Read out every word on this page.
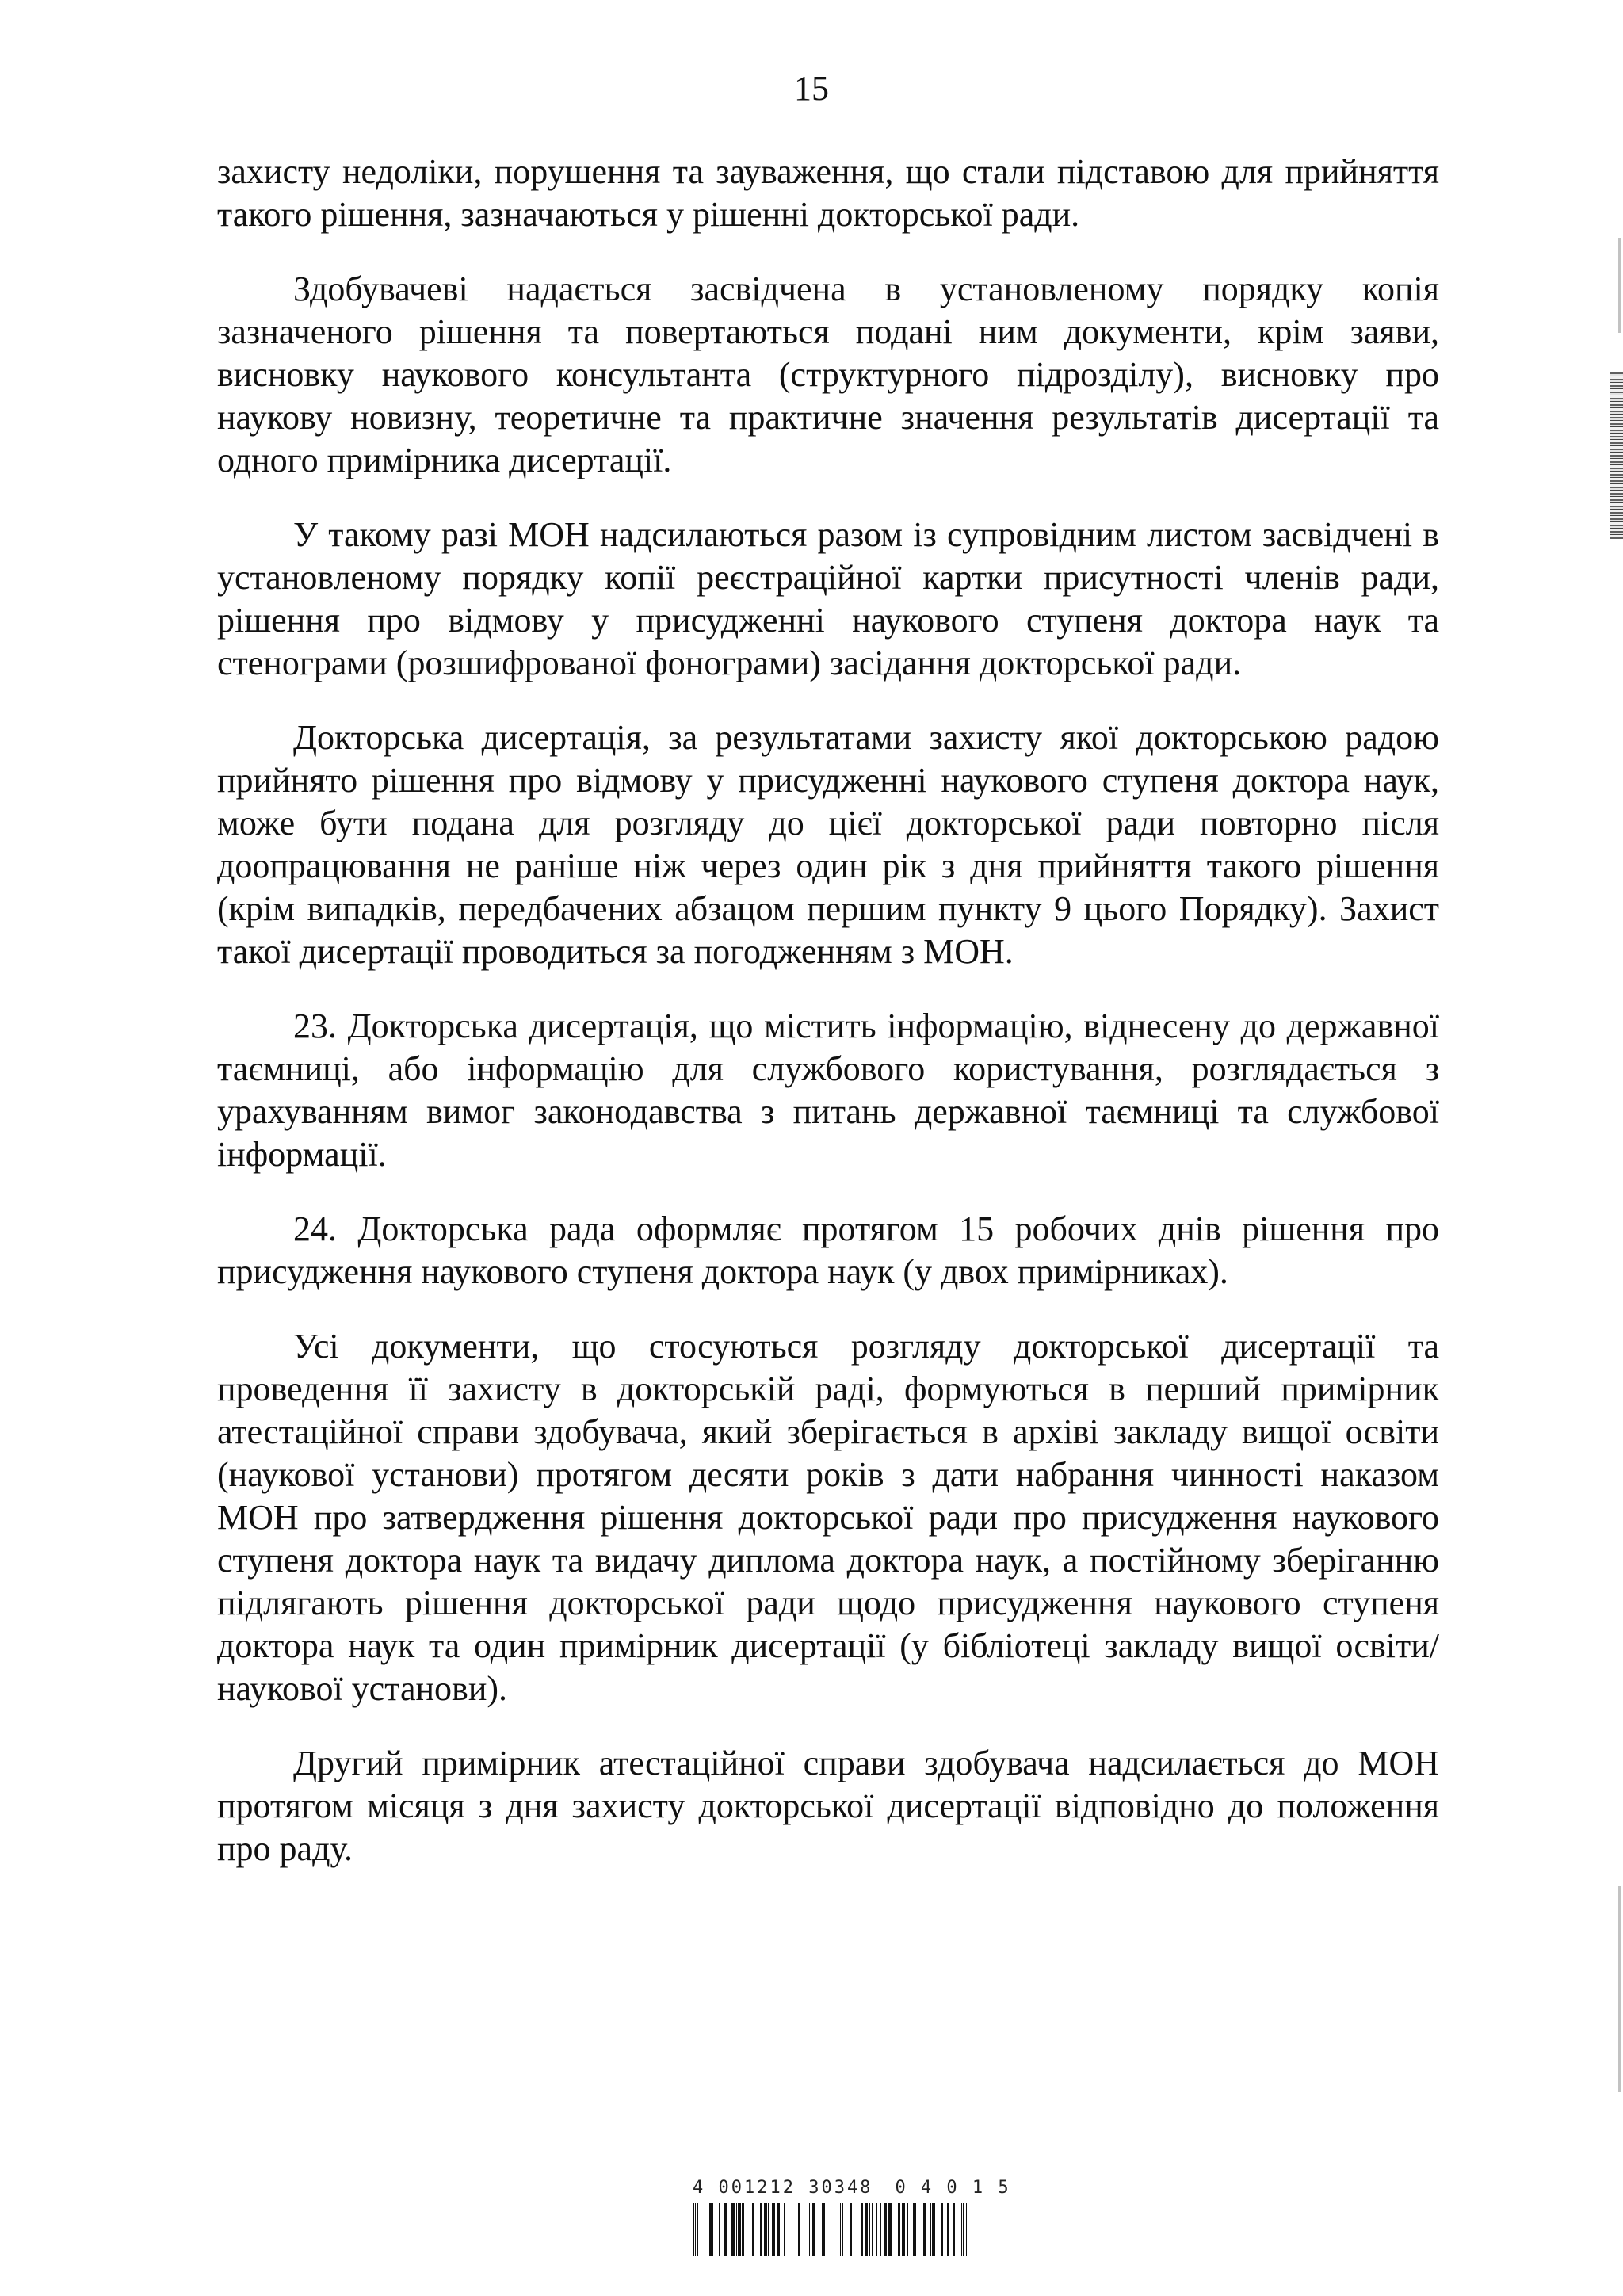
15

захисту недоліки, порушення та зауваження, що стали підставою для прийняття такого рішення, зазначаються у рішенні докторської ради.

Здобувачеві надається засвідчена в установленому порядку копія зазначеного рішення та повертаються подані ним документи, крім заяви, висновку наукового консультанта (структурного підрозділу), висновку про наукову новизну, теоретичне та практичне значення результатів дисертації та одного примірника дисертації.

У такому разі МОН надсилаються разом із супровідним листом засвідчені в установленому порядку копії реєстраційної картки присутності членів ради, рішення про відмову у присудженні наукового ступеня доктора наук та стенограми (розшифрованої фонограми) засідання докторської ради.

Докторська дисертація, за результатами захисту якої докторською радою прийнято рішення про відмову у присудженні наукового ступеня доктора наук, може бути подана для розгляду до цієї докторської ради повторно після доопрацювання не раніше ніж через один рік з дня прийняття такого рішення (крім випадків, передбачених абзацом першим пункту 9 цього Порядку). Захист такої дисертації проводиться за погодженням з МОН.

23. Докторська дисертація, що містить інформацію, віднесену до державної таємниці, або інформацію для службового користування, розглядається з урахуванням вимог законодавства з питань державної таємниці та службової інформації.

24. Докторська рада оформляє протягом 15 робочих днів рішення про присудження наукового ступеня доктора наук (у двох примірниках).

Усі документи, що стосуються розгляду докторської дисертації та проведення її захисту в докторській раді, формуються в перший примірник атестаційної справи здобувача, який зберігається в архіві закладу вищої освіти (наукової установи) протягом десяти років з дати набрання чинності наказом МОН про затвердження рішення докторської ради про присудження наукового ступеня доктора наук та видачу диплома доктора наук, а постійному зберіганню підлягають рішення докторської ради щодо присудження наукового ступеня доктора наук та один примірник дисертації (у бібліотеці закладу вищої освіти/наукової установи).

Другий примірник атестаційної справи здобувача надсилається до МОН протягом місяця з дня захисту докторської дисертації відповідно до положення про раду.

4 001212 30348 0 4 0 1 5
